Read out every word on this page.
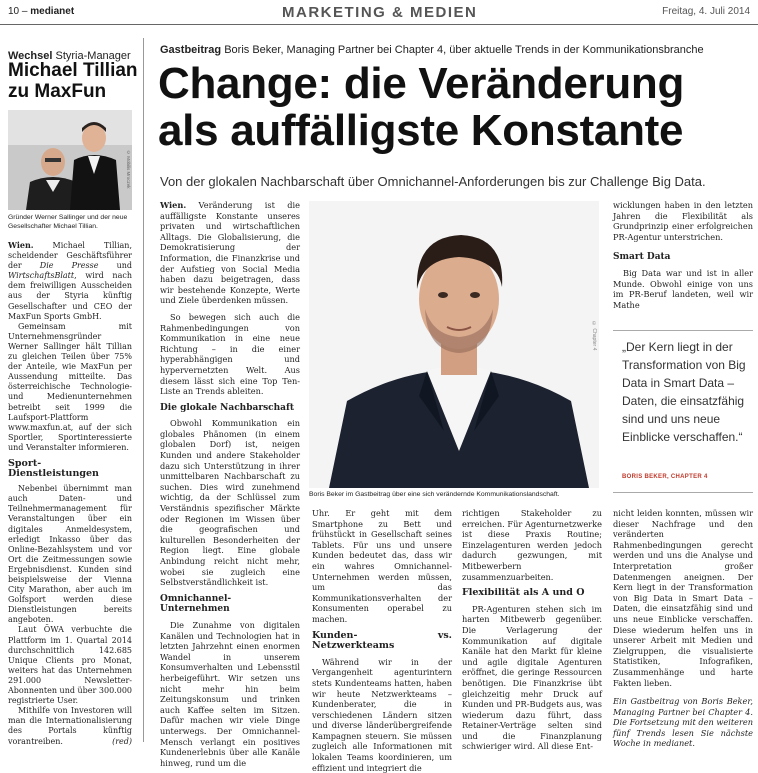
10 – medianet	MARKETING & MEDIEN	Freitag, 4. Juli 2014
Wechsel Styria-Manager
Michael Tillian
zu MaxFun
© Mobilis Mroczek
Gründer Werner Sallinger und der neue Gesellschafter Michael Tillian.

Wien. Michael Tillian, scheidender Geschäftsführer der Die Presse und WirtschaftsBlatt, wird nach dem freiwilligen Ausscheiden aus der Styria künftig Gesellschafter und CEO der MaxFun Sports GmbH.

Gemeinsam mit Unternehmensgründer Werner Sallinger hält Tillian zu gleichen Teilen über 75% der Anteile, wie MaxFun per Aussendung mitteilte. Das österreichische Technologie- und Medienunternehmen betreibt seit 1999 die Laufsport-Plattform www.maxfun.at, auf der sich Sportler, Sportinteressierte und Veranstalter informieren.

Sport-Dienstleistungen

Nebenbei übernimmt man auch Daten- und Teilnehmermanagement für Veranstaltungen über ein digitales Anmeldesystem, erledigt Inkasso über das Online-Bezahlsystem und vor Ort die Zeitmessungen sowie Ergebnisdienst. Kunden sind beispielsweise der Vienna City Marathon, aber auch im Golfsport werden diese Dienstleistungen bereits angeboten.

Laut ÖWA verbuchte die Plattform im 1. Quartal 2014 durchschnittlich 142.685 Unique Clients pro Monat, weiters hat das Unternehmen 291.000 Newsletter-Abonnenten und über 300.000 registrierte User.

Mithilfe von Investoren will man die Internationalisierung des Portals künftig vorantreiben.	(red)

Gastbeitrag Boris Beker, Managing Partner bei Chapter 4, über aktuelle Trends in der Kommunikationsbranche
Change: die Veränderung
als auffälligste Konstante
Von der glokalen Nachbarschaft über Omnichannel-Anforderungen bis zur Challenge Big Data.
© Chapter 4
Boris Beker im Gastbeitrag über eine sich verändernde Kommunikationslandschaft.

Wien. Veränderung ist die auffälligste Konstante unseres privaten und wirtschaftlichen Alltags. Die Globalisierung, die Demokratisierung der Information, die Finanzkrise und der Aufstieg von Social Media haben dazu beigetragen, dass wir bestehende Konzepte, Werte und Ziele überdenken müssen.

So bewegen sich auch die Rahmenbedingungen von Kommunikation in eine neue Richtung – in die einer hyperabhängigen und hypervernetzten Welt. Aus diesem lässt sich eine Top Ten-Liste an Trends ableiten.

Die glokale Nachbarschaft

Obwohl Kommunikation ein globales Phänomen (in einem globalen Dorf) ist, neigen Kunden und andere Stakeholder dazu sich Unterstützung in ihrer unmittelbaren Nachbarschaft zu suchen. Dies wird zunehmend wichtig, da der Schlüssel zum Verständnis spezifischer Märkte oder Regionen im Wissen über die geografischen und kulturellen Besonderheiten der Region liegt. Eine globale Anbindung reicht nicht mehr, wobei sie zugleich eine Selbstverständlichkeit ist.

Omnichannel-Unternehmen

Die Zunahme von digitalen Kanälen und Technologien hat in letzten Jahrzehnt einen enormen Wandel in unserem Konsumverhalten und Lebensstil herbeigeführt. Wir setzen uns nicht mehr hin beim Zeitungskonsum und trinken auch Kaffee selten im Sitzen. Dafür machen wir viele Dinge unterwegs. Der Omnichannel-Mensch verlangt ein positives Kundenerlebnis über alle Kanäle hinweg, rund um die

Uhr. Er geht mit dem Smartphone zu Bett und frühstückt in Gesellschaft seines Tablets. Für uns und unsere Kunden bedeutet das, dass wir ein wahres Omnichannel-Unternehmen werden müssen, um das Kommunikationsverhalten der Konsumenten operabel zu machen.

Kunden- vs. Netzwerkteams

Während wir in der Vergangenheit agenturintern stets Kundenteams hatten, haben wir heute Netzwerkteams – Kundenberater, die in verschiedenen Ländern sitzen und diverse länderübergreifende Kampagnen steuern. Sie müssen zugleich alle Informationen mit lokalen Teams koordinieren, um effizient und integriert die

richtigen Stakeholder zu erreichen. Für Agenturnetzwerke ist diese Praxis Routine; Einzelagenturen werden jedoch dadurch gezwungen, mit Mitbewerbern zusammenzuarbeiten.

Flexibilität als A und O

PR-Agenturen stehen sich im harten Mitbewerb gegenüber. Die Verlagerung der Kommunikation auf digitale Kanäle hat den Markt für kleine und agile digitale Agenturen eröffnet, die geringe Ressourcen benötigen. Die Finanzkrise übt gleichzeitig mehr Druck auf Kunden und PR-Budgets aus, was wiederum dazu führt, dass Retainer-Verträge selten sind und die Finanzplanung schwieriger wird. All diese Ent-

wicklungen haben in den letzten Jahren die Flexibilität als Grundprinzip einer erfolgreichen PR-Agentur unterstrichen.

Smart Data

Big Data war und ist in aller Munde. Obwohl einige von uns im PR-Beruf landeten, weil wir Mathe

„Der Kern liegt in der Transformation von Big Data in Smart Data – Daten, die einsatzfähig sind und uns neue Einblicke verschaffen.“
BORIS BEKER, CHAPTER 4

nicht leiden konnten, müssen wir dieser Nachfrage und den veränderten Rahmenbedingungen gerecht werden und uns die Analyse und Interpretation großer Datenmengen aneignen. Der Kern liegt in der Transformation von Big Data in Smart Data – Daten, die einsatzfähig sind und uns neue Einblicke verschaffen. Diese wiederum helfen uns in unserer Arbeit mit Medien und Zielgruppen, die visualisierte Statistiken, Infografiken, Zusammenhänge und harte Fakten lieben.

Ein Gastbeitrag von Boris Beker, Managing Partner bei Chapter 4. Die Fortsetzung mit den weiteren fünf Trends lesen Sie nächste Woche in medianet.
